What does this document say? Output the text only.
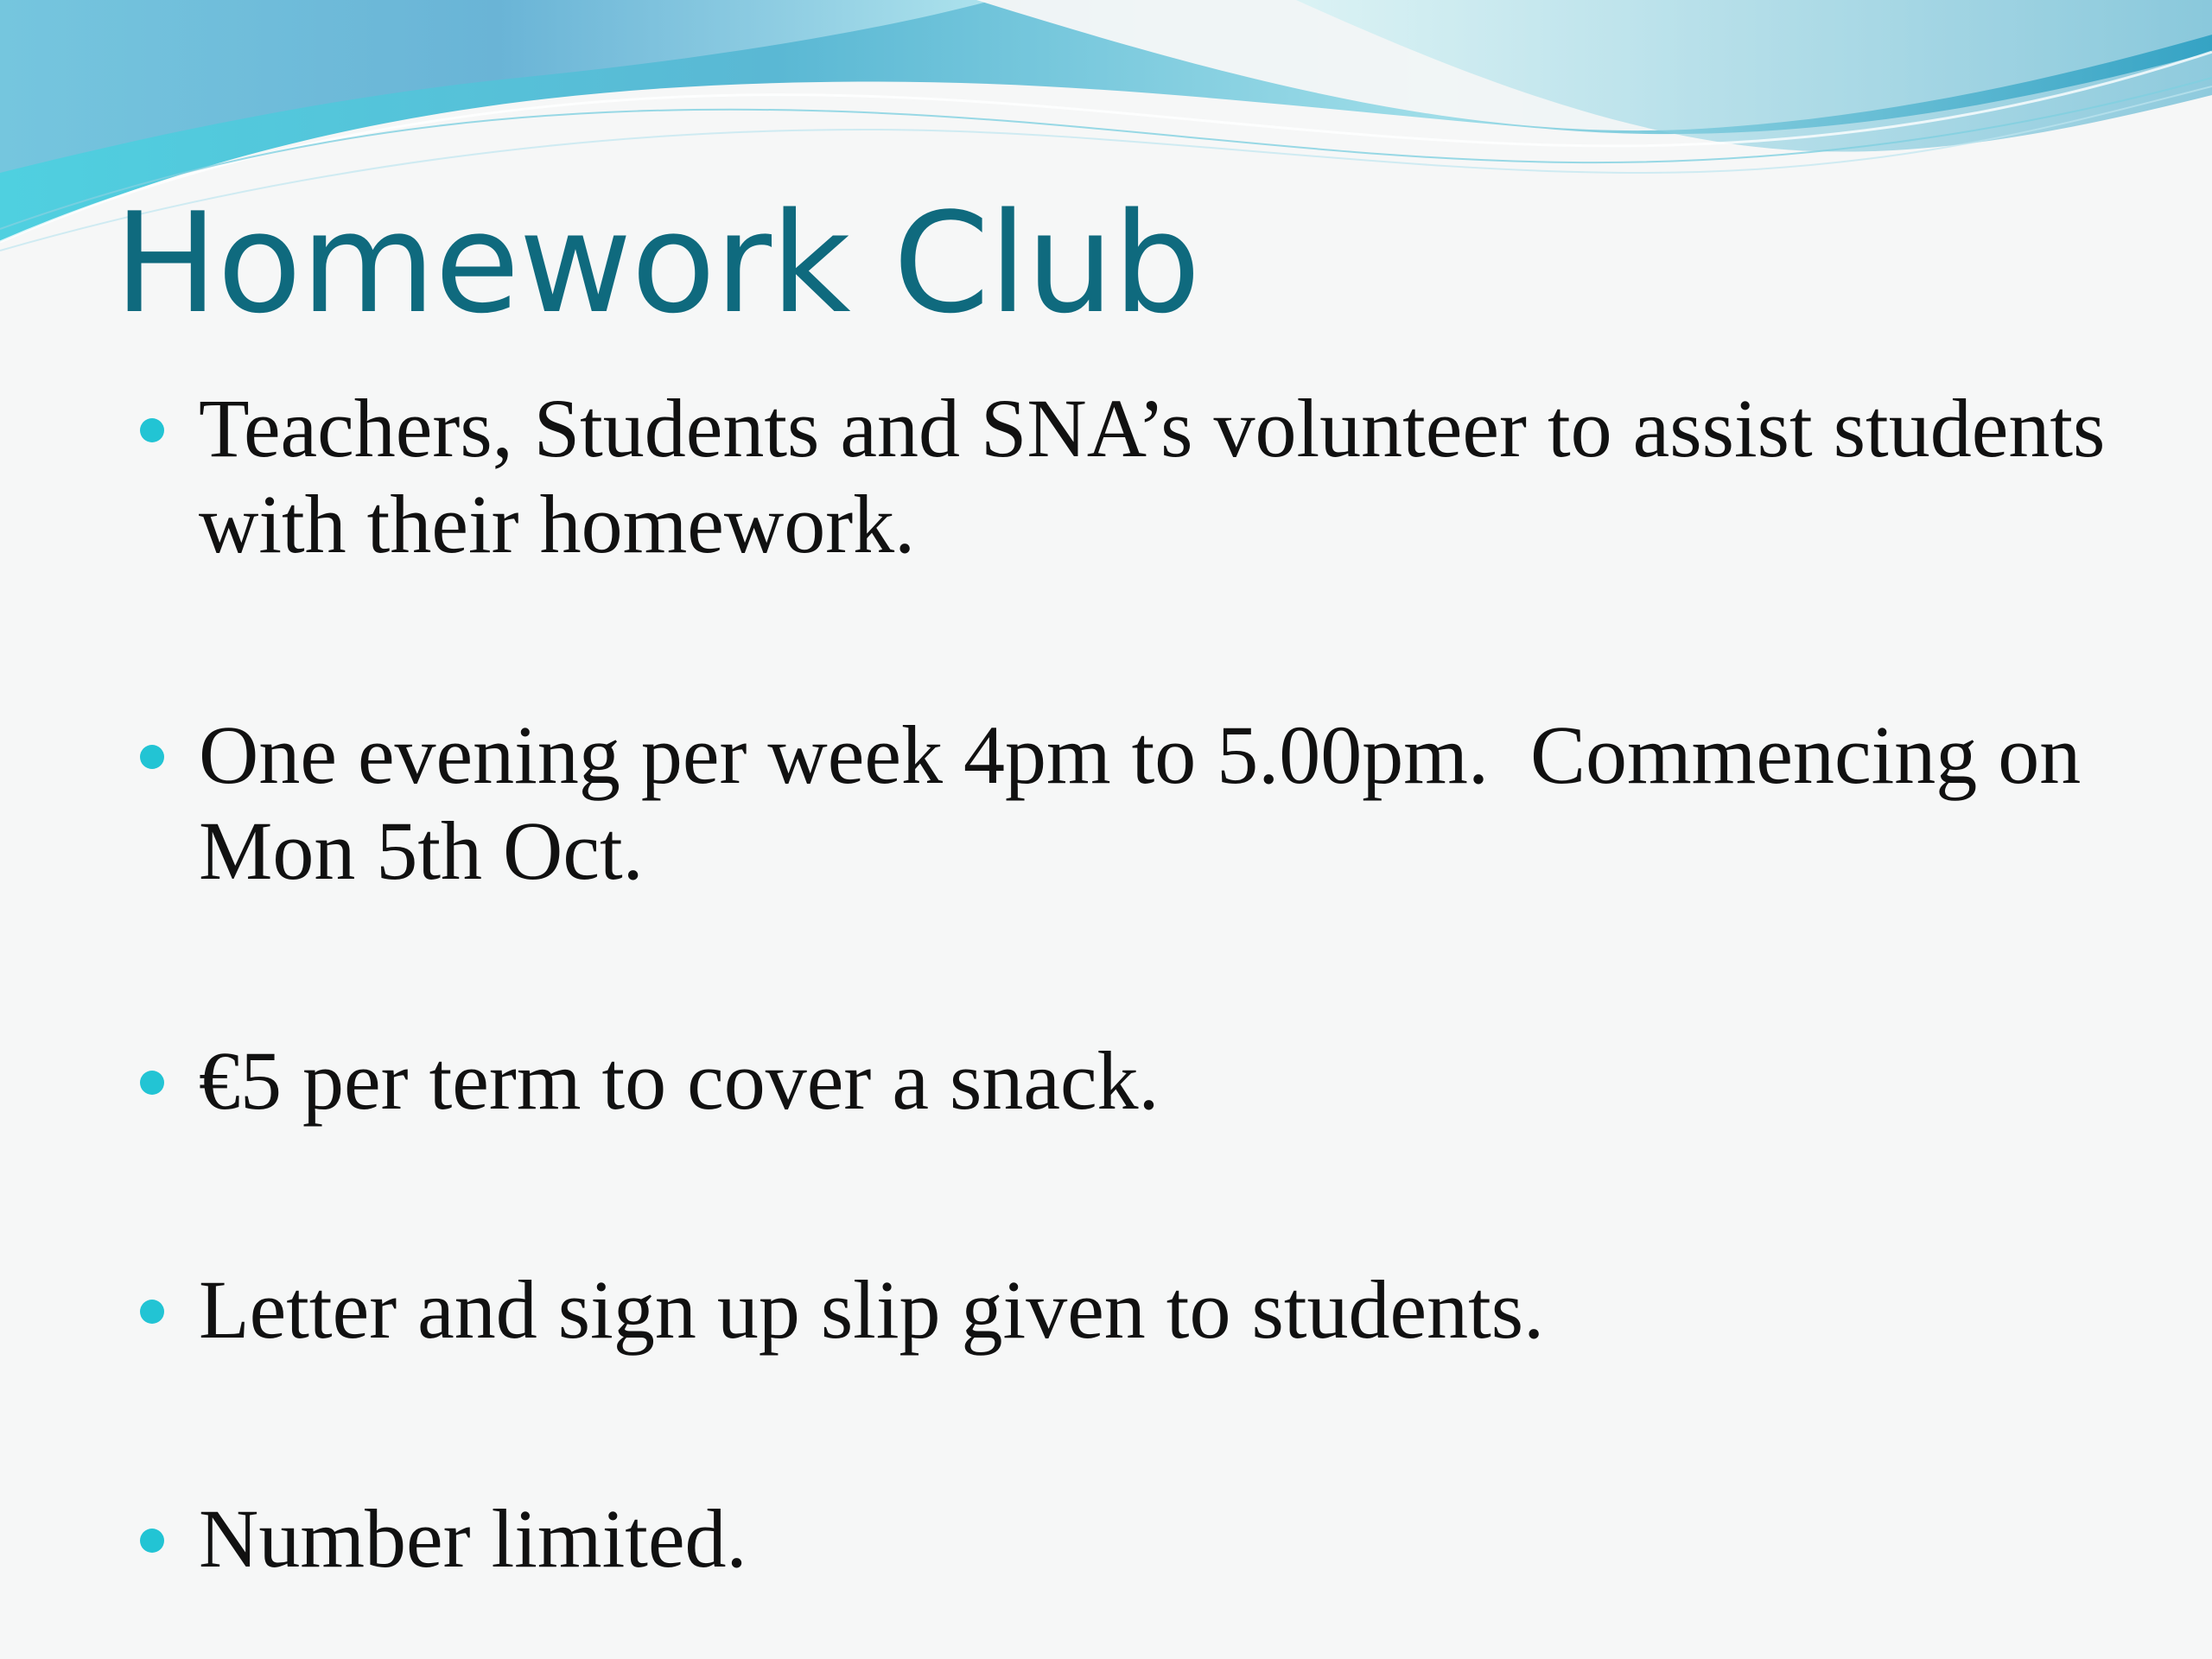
Homework Club
Teachers, Students and SNA’s volunteer to assist students with their homework.
One evening per week 4pm to 5.00pm.  Commencing on Mon 5th Oct.
€5 per term to cover a snack.
Letter and sign up slip given to students.
Number limited.
